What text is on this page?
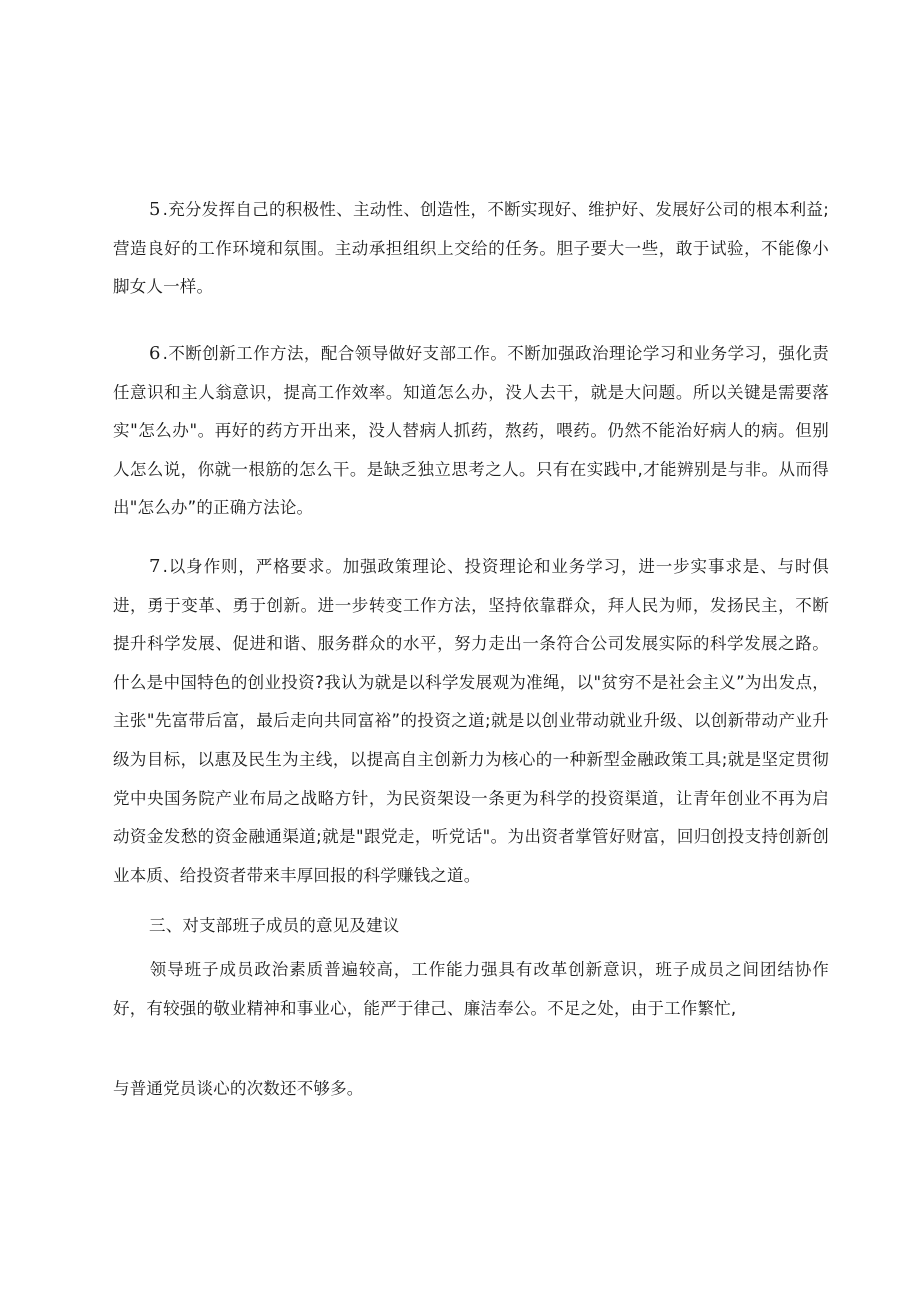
5 .充分发挥自己的积极性、主动性、创造性，不断实现好、维护好、发展好公司的根本利益;营造良好的工作环境和氛围。主动承担组织上交给的任务。胆子要大一些，敢于试验，不能像小脚女人一样。

6 .不断创新工作方法，配合领导做好支部工作。不断加强政治理论学习和业务学习，强化责任意识和主人翁意识，提高工作效率。知道怎么办，没人去干，就是大问题。所以关键是需要落实"怎么办"。再好的药方开出来，没人替病人抓药，熬药，喂药。仍然不能治好病人的病。但别人怎么说，你就一根筋的怎么干。是缺乏独立思考之人。只有在实践中,才能辨别是与非。从而得出"怎么办”的正确方法论。

7 .以身作则，严格要求。加强政策理论、投资理论和业务学习，进一步实事求是、与时俱进，勇于变革、勇于创新。进一步转变工作方法，坚持依靠群众，拜人民为师，发扬民主，不断提升科学发展、促进和谐、服务群众的水平，努力走出一条符合公司发展实际的科学发展之路。什么是中国特色的创业投资?我认为就是以科学发展观为准绳，以"贫穷不是社会主义”为出发点，主张"先富带后富，最后走向共同富裕”的投资之道;就是以创业带动就业升级、以创新带动产业升级为目标，以惠及民生为主线，以提高自主创新力为核心的一种新型金融政策工具;就是坚定贯彻党中央国务院产业布局之战略方针，为民资架设一条更为科学的投资渠道，让青年创业不再为启动资金发愁的资金融通渠道;就是"跟党走，听党话"。为出资者掌管好财富，回归创投支持创新创业本质、给投资者带来丰厚回报的科学赚钱之道。

三、对支部班子成员的意见及建议

领导班子成员政治素质普遍较高，工作能力强具有改革创新意识，班子成员之间团结协作好，有较强的敬业精神和事业心，能严于律己、廉洁奉公。不足之处，由于工作繁忙,

与普通党员谈心的次数还不够多。
